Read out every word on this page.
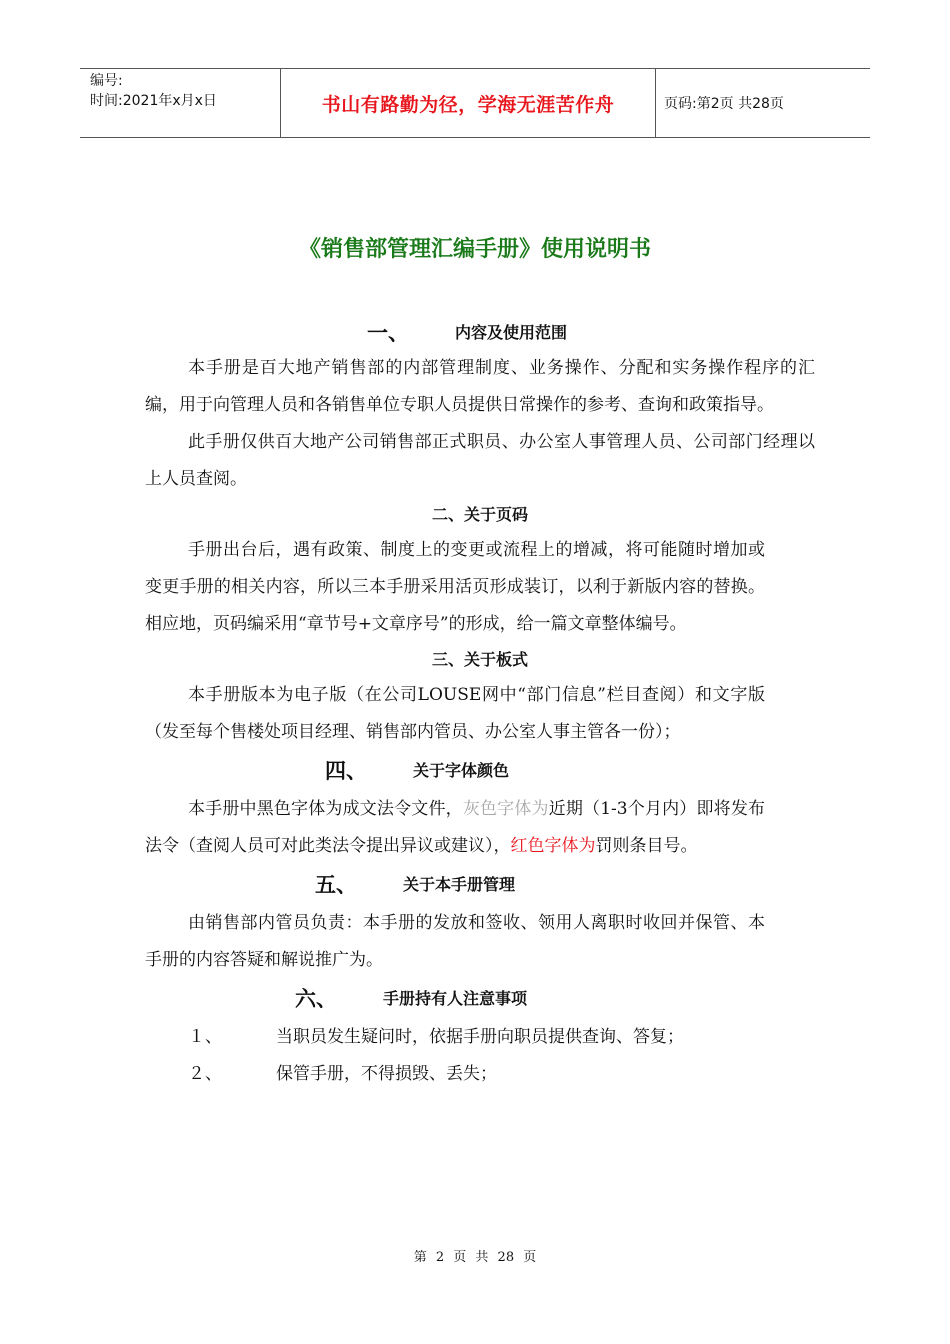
编号:
时间:2021年x月x日	书山有路勤为径，学海无涯苦作舟	页码:第2页 共28页
《销售部管理汇编手册》使用说明书
一、	内容及使用范围

本手册是百大地产销售部的内部管理制度、业务操作、分配和实务操作程序的汇编，用于向管理人员和各销售单位专职人员提供日常操作的参考、查询和政策指导。

此手册仅供百大地产公司销售部正式职员、办公室人事管理人员、公司部门经理以上人员查阅。

二、关于页码

手册出台后，遇有政策、制度上的变更或流程上的增减，将可能随时增加或变更手册的相关内容，所以三本手册采用活页形成装订，以利于新版内容的替换。相应地，页码编采用“章节号+文章序号”的形成，给一篇文章整体编号。

三、关于板式

本手册版本为电子版（在公司LOUSE网中“部门信息”栏目查阅）和文字版（发至每个售楼处项目经理、销售部内管员、办公室人事主管各一份）；

四、	关于字体颜色

本手册中黑色字体为成文法令文件，灰色字体为近期（1-3个月内）即将发布法令（查阅人员可对此类法令提出异议或建议），红色字体为罚则条目号。

五、	关于本手册管理

由销售部内管员负责：本手册的发放和签收、领用人离职时收回并保管、本手册的内容答疑和解说推广为。

六、	手册持有人注意事项
１、	当职员发生疑问时，依据手册向职员提供查询、答复；
２、	保管手册，不得损毁、丢失；
第 2 页 共 28 页
